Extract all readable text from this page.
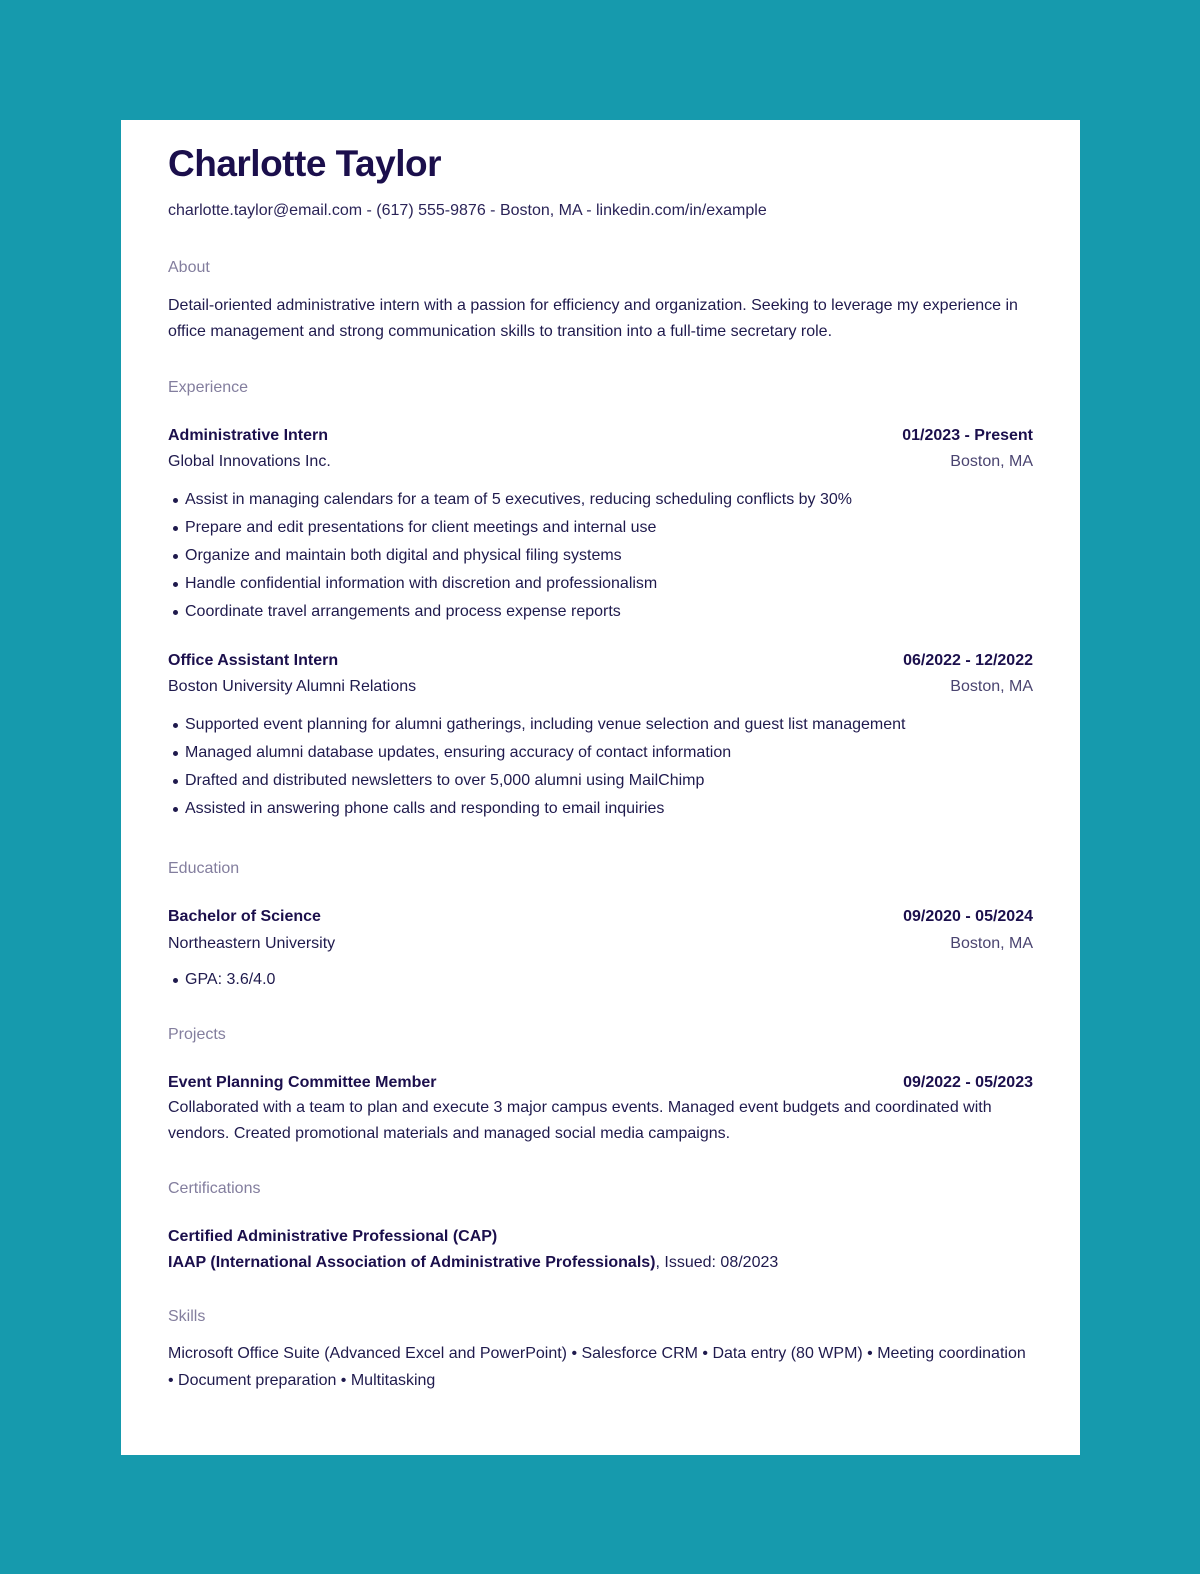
Charlotte Taylor
charlotte.taylor@email.com - (617) 555-9876 - Boston, MA - linkedin.com/in/example
About
Detail-oriented administrative intern with a passion for efficiency and organization. Seeking to leverage my experience in office management and strong communication skills to transition into a full-time secretary role.
Experience
Administrative Intern	01/2023 - Present
Global Innovations Inc.	Boston, MA
Assist in managing calendars for a team of 5 executives, reducing scheduling conflicts by 30%
Prepare and edit presentations for client meetings and internal use
Organize and maintain both digital and physical filing systems
Handle confidential information with discretion and professionalism
Coordinate travel arrangements and process expense reports
Office Assistant Intern	06/2022 - 12/2022
Boston University Alumni Relations	Boston, MA
Supported event planning for alumni gatherings, including venue selection and guest list management
Managed alumni database updates, ensuring accuracy of contact information
Drafted and distributed newsletters to over 5,000 alumni using MailChimp
Assisted in answering phone calls and responding to email inquiries
Education
Bachelor of Science	09/2020 - 05/2024
Northeastern University	Boston, MA
GPA: 3.6/4.0
Projects
Event Planning Committee Member	09/2022 - 05/2023
Collaborated with a team to plan and execute 3 major campus events. Managed event budgets and coordinated with vendors. Created promotional materials and managed social media campaigns.
Certifications
Certified Administrative Professional (CAP)
IAAP (International Association of Administrative Professionals), Issued: 08/2023
Skills
Microsoft Office Suite (Advanced Excel and PowerPoint) • Salesforce CRM • Data entry (80 WPM) • Meeting coordination • Document preparation • Multitasking
